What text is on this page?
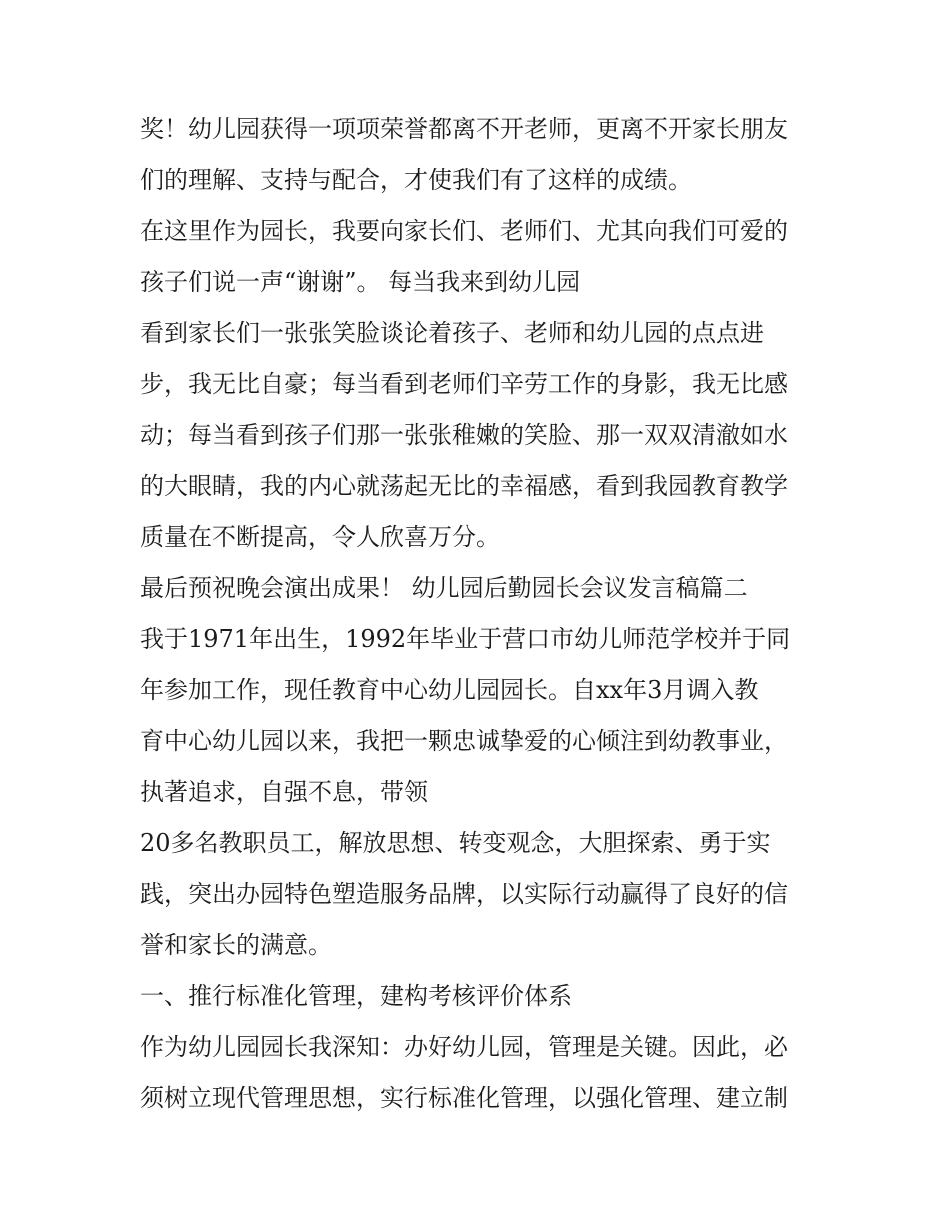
奖！幼儿园获得一项项荣誉都离不开老师，更离不开家长朋友
们的理解、支持与配合，才使我们有了这样的成绩。
在这里作为园长，我要向家长们、老师们、尤其向我们可爱的
孩子们说一声“谢谢”。 每当我来到幼儿园
看到家长们一张张笑脸谈论着孩子、老师和幼儿园的点点进
步，我无比自豪；每当看到老师们辛劳工作的身影，我无比感
动；每当看到孩子们那一张张稚嫩的笑脸、那一双双清澈如水
的大眼睛，我的内心就荡起无比的幸福感，看到我园教育教学
质量在不断提高，令人欣喜万分。
最后预祝晚会演出成果！ 幼儿园后勤园长会议发言稿篇二
我于1971年出生，1992年毕业于营口市幼儿师范学校并于同
年参加工作，现任教育中心幼儿园园长。自xx年3月调入教
育中心幼儿园以来，我把一颗忠诚挚爱的心倾注到幼教事业，
执著追求，自强不息，带领
20多名教职员工，解放思想、转变观念，大胆探索、勇于实
践，突出办园特色塑造服务品牌，以实际行动赢得了良好的信
誉和家长的满意。
一、推行标准化管理，建构考核评价体系
作为幼儿园园长我深知：办好幼儿园，管理是关键。因此，必
须树立现代管理思想，实行标准化管理，以强化管理、建立制
